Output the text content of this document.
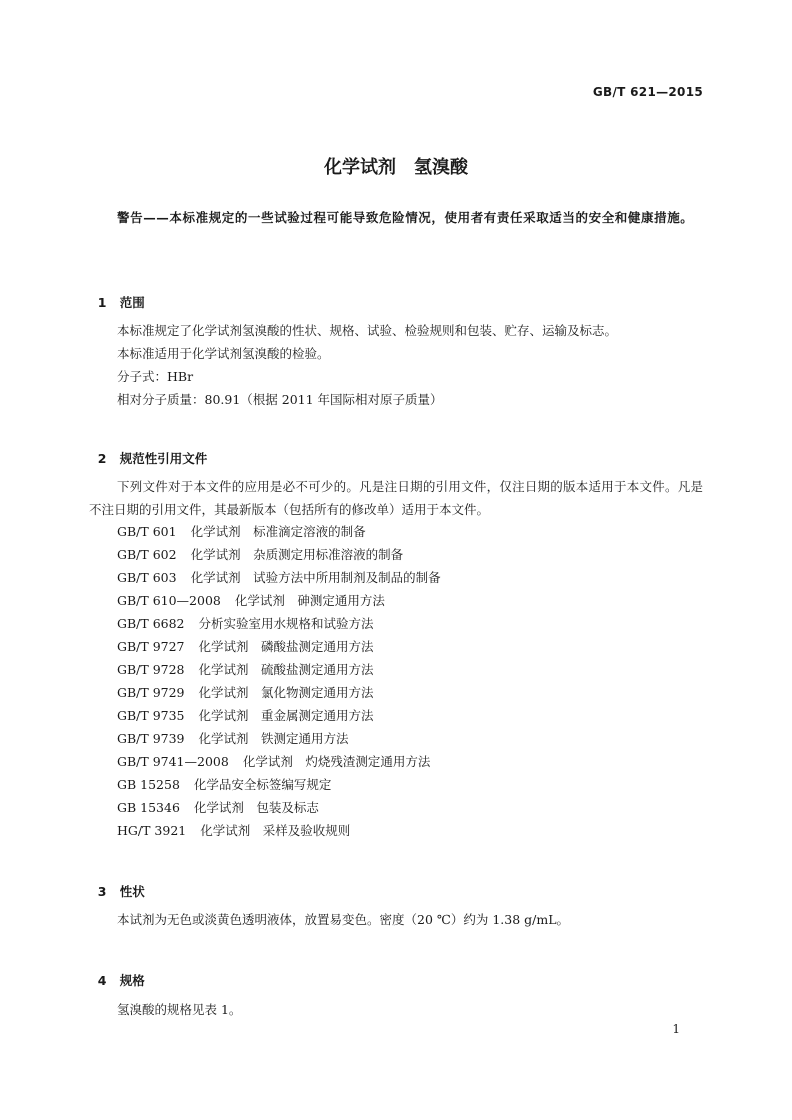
GB/T 621—2015
化学试剂　氢溴酸
警告——本标准规定的一些试验过程可能导致危险情况，使用者有责任采取适当的安全和健康措施。

1 范围

本标准规定了化学试剂氢溴酸的性状、规格、试验、检验规则和包装、贮存、运输及标志。
本标准适用于化学试剂氢溴酸的检验。
分子式：HBr
相对分子质量：80.91（根据 2011 年国际相对原子质量）

2 规范性引用文件

下列文件对于本文件的应用是必不可少的。凡是注日期的引用文件，仅注日期的版本适用于本文件。凡是不注日期的引用文件，其最新版本（包括所有的修改单）适用于本文件。
GB/T 601 化学试剂　标准滴定溶液的制备
GB/T 602 化学试剂　杂质测定用标准溶液的制备
GB/T 603 化学试剂　试验方法中所用制剂及制品的制备
GB/T 610—2008 化学试剂　砷测定通用方法
GB/T 6682 分析实验室用水规格和试验方法
GB/T 9727 化学试剂　磷酸盐测定通用方法
GB/T 9728 化学试剂　硫酸盐测定通用方法
GB/T 9729 化学试剂　氯化物测定通用方法
GB/T 9735 化学试剂　重金属测定通用方法
GB/T 9739 化学试剂　铁测定通用方法
GB/T 9741—2008 化学试剂　灼烧残渣测定通用方法
GB 15258 化学品安全标签编写规定
GB 15346 化学试剂　包装及标志
HG/T 3921 化学试剂　采样及验收规则

3 性状

本试剂为无色或淡黄色透明液体，放置易变色。密度（20 ℃）约为 1.38 g/mL。

4 规格

氢溴酸的规格见表 1。
1
